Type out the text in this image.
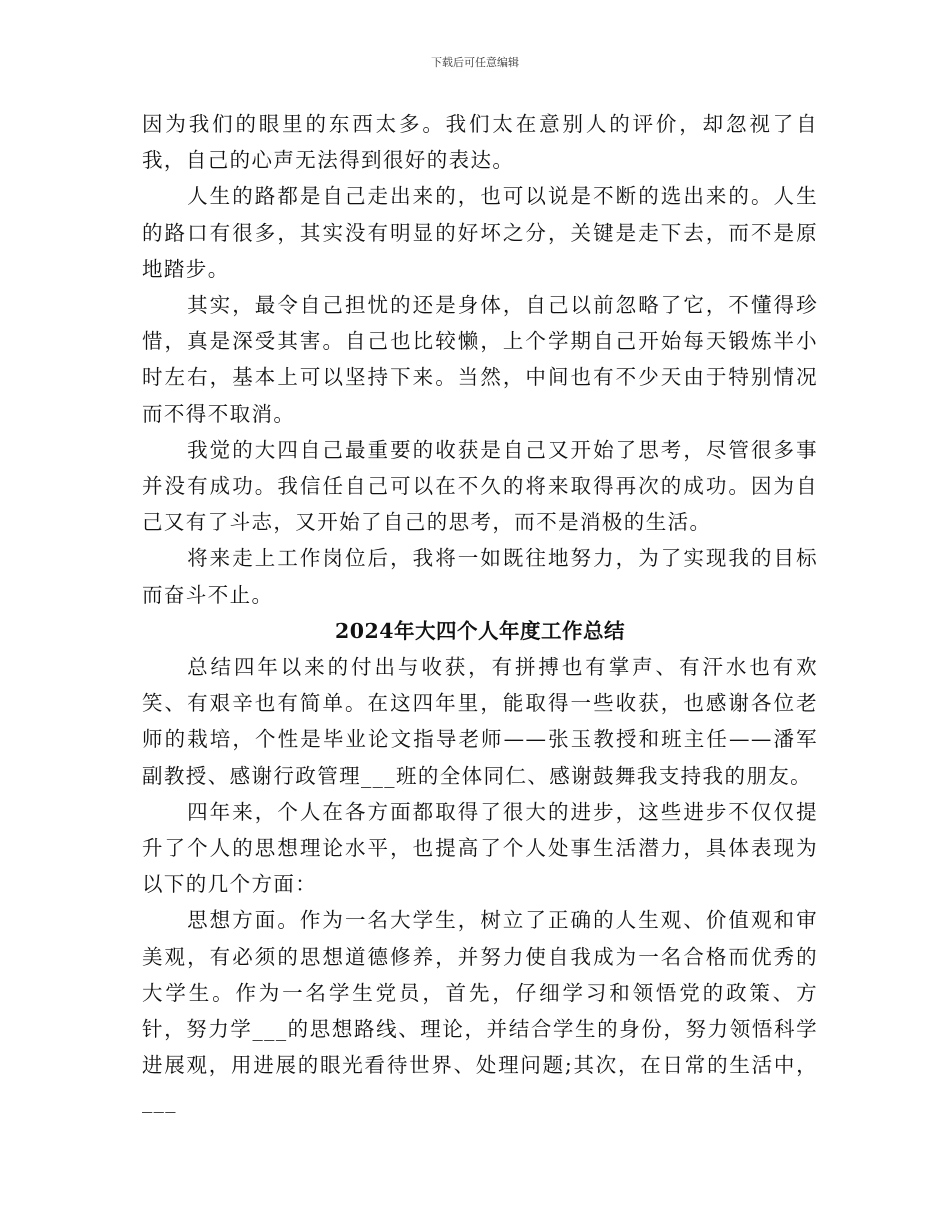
下载后可任意编辑

因为我们的眼里的东西太多。我们太在意别人的评价，却忽视了自我，自己的心声无法得到很好的表达。

人生的路都是自己走出来的，也可以说是不断的选出来的。人生的路口有很多，其实没有明显的好坏之分，关键是走下去，而不是原地踏步。

其实，最令自己担忧的还是身体，自己以前忽略了它，不懂得珍惜，真是深受其害。自己也比较懒，上个学期自己开始每天锻炼半小时左右，基本上可以坚持下来。当然，中间也有不少天由于特别情况而不得不取消。

我觉的大四自己最重要的收获是自己又开始了思考，尽管很多事并没有成功。我信任自己可以在不久的将来取得再次的成功。因为自己又有了斗志，又开始了自己的思考，而不是消极的生活。

将来走上工作岗位后，我将一如既往地努力，为了实现我的目标而奋斗不止。

2024年大四个人年度工作总结

总结四年以来的付出与收获，有拼搏也有掌声、有汗水也有欢笑、有艰辛也有简单。在这四年里，能取得一些收获，也感谢各位老师的栽培，个性是毕业论文指导老师——张玉教授和班主任——潘军副教授、感谢行政管理___班的全体同仁、感谢鼓舞我支持我的朋友。

四年来，个人在各方面都取得了很大的进步，这些进步不仅仅提升了个人的思想理论水平，也提高了个人处事生活潜力，具体表现为以下的几个方面：

思想方面。作为一名大学生，树立了正确的人生观、价值观和审美观，有必须的思想道德修养，并努力使自我成为一名合格而优秀的大学生。作为一名学生党员，首先，仔细学习和领悟党的政策、方针，努力学___的思想路线、理论，并结合学生的身份，努力领悟科学进展观，用进展的眼光看待世界、处理问题;其次，在日常的生活中，___
